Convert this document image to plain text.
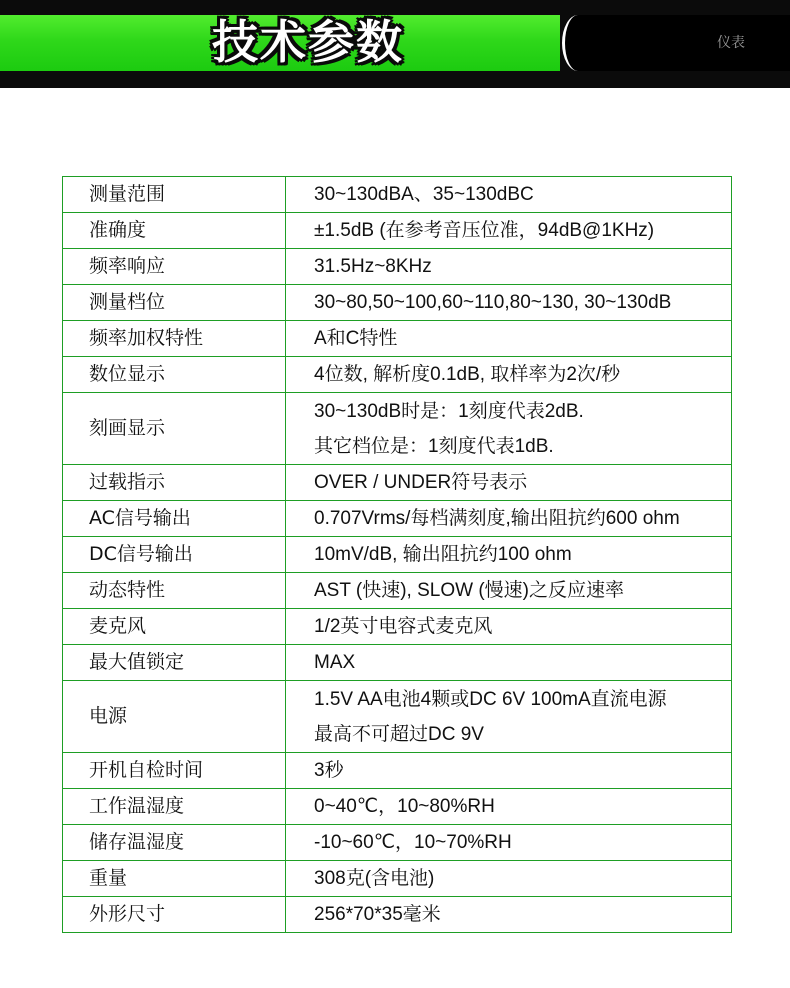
技术参数	仪表
测量范围	30~130dBA、35~130dBC

准确度	±1.5dB (在参考音压位准，94dB@1KHz)

频率响应	31.5Hz~8KHz

测量档位	30~80,50~100,60~110,80~130, 30~130dB

频率加权特性	A和C特性

数位显示	4位数, 解析度0.1dB, 取样率为2次/秒

刻画显示	30~130dB时是：1刻度代表2dB.
其它档位是：1刻度代表1dB.

过载指示	OVER / UNDER符号表示

AC信号输出	0.707Vrms/每档满刻度,输出阻抗约600 ohm

DC信号输出	10mV/dB, 输出阻抗约100 ohm

动态特性	AST (快速), SLOW (慢速)之反应速率

麦克风	1/2英寸电容式麦克风

最大值锁定	MAX

电源	1.5V AA电池4颗或DC 6V 100mA直流电源
最高不可超过DC 9V

开机自检时间	3秒

工作温湿度	0~40℃，10~80%RH

储存温湿度	-10~60℃，10~70%RH

重量	308克(含电池)

外形尺寸	256*70*35毫米
